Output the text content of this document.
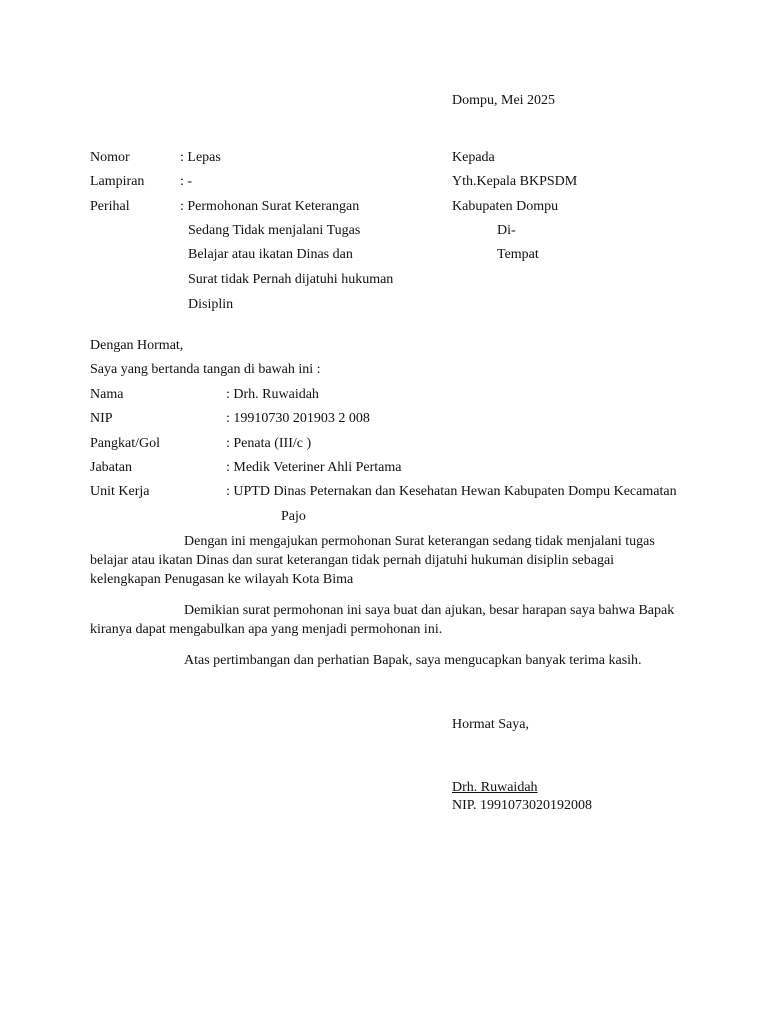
Dompu, Mei 2025
Nomor	: Lepas
Lampiran	: -
Perihal	: Permohonan Surat Keterangan
Sedang Tidak menjalani Tugas
Belajar atau ikatan Dinas dan
Surat tidak Pernah dijatuhi hukuman
Disiplin
Kepada
Yth.Kepala BKPSDM
Kabupaten Dompu
Di-
Tempat
Dengan Hormat,
Saya yang bertanda tangan di bawah ini :
Nama	: Drh. Ruwaidah
NIP	: 19910730 201903 2 008
Pangkat/Gol	: Penata (III/c )
Jabatan	: Medik Veteriner Ahli Pertama
Unit Kerja	: UPTD Dinas Peternakan dan Kesehatan Hewan Kabupaten Dompu Kecamatan
Pajo
Dengan ini mengajukan permohonan Surat keterangan sedang tidak menjalani tugas
belajar atau ikatan Dinas dan surat keterangan tidak pernah dijatuhi hukuman disiplin sebagai
kelengkapan Penugasan ke wilayah Kota Bima
Demikian surat permohonan ini saya buat dan ajukan, besar harapan saya bahwa Bapak
kiranya dapat mengabulkan apa yang menjadi permohonan ini.
Atas pertimbangan dan perhatian Bapak, saya mengucapkan banyak terima kasih.
Hormat Saya,
Drh. Ruwaidah
NIP. 1991073020192008
